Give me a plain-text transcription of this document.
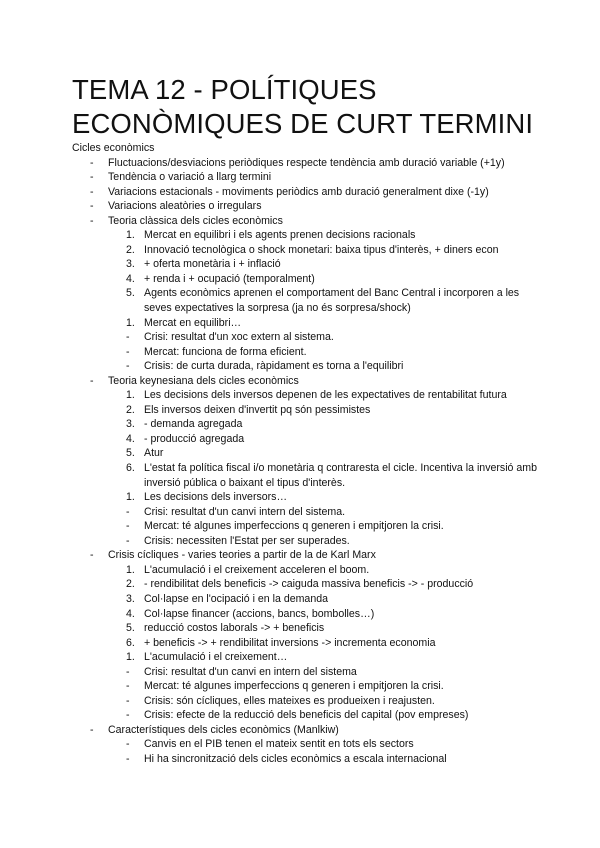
TEMA 12 - POLÍTIQUES ECONÒMIQUES DE CURT TERMINI
Cicles econòmics
- Fluctuacions/desviacions periòdiques respecte tendència amb duració variable (+1y)
- Tendència o variació a llarg termini
- Variacions estacionals - moviments periòdics amb duració generalment dixe (-1y)
- Variacions aleatòries o irregulars
- Teoria clàssica dels cicles econòmics
1. Mercat en equilibri i els agents prenen decisions racionals
2. Innovació tecnològica o shock monetari: baixa tipus d'interès, + diners econ
3. + oferta monetària i + inflació
4. + renda i + ocupació (temporalment)
5. Agents econòmics aprenen el comportament del Banc Central i incorporen a les seves expectatives la sorpresa (ja no és sorpresa/shock)
1. Mercat en equilibri…
- Crisi: resultat d'un xoc extern al sistema.
- Mercat: funciona de forma eficient.
- Crisis: de curta durada, ràpidament es torna a l'equilibri
- Teoria keynesiana dels cicles econòmics
1. Les decisions dels inversos depenen de les expectatives de rentabilitat futura
2. Els inversos deixen d'invertit pq són pessimistes
3. - demanda agregada
4. - producció agregada
5. Atur
6. L'estat fa política fiscal i/o monetària q contraresta el cicle. Incentiva la inversió amb inversió pública o baixant el tipus d'interès.
1. Les decisions dels inversors…
- Crisi: resultat d'un canvi intern del sistema.
- Mercat: té algunes imperfeccions q generen i empitjoren la crisi.
- Crisis: necessiten l'Estat per ser superades.
- Crisis cícliques - varies teories a partir de la de Karl Marx
1. L'acumulació i el creixement acceleren el boom.
2. - rendibilitat dels beneficis -> caiguda massiva beneficis -> - producció
3. Col·lapse en l'ocipació i en la demanda
4. Col·lapse financer (accions, bancs, bombolles…)
5. reducció costos laborals -> + beneficis
6. + beneficis -> + rendibilitat inversions -> incrementa economia
1. L'acumulació i el creixement…
- Crisi: resultat d'un canvi en intern del sistema
- Mercat: té algunes imperfeccions q generen i empitjoren la crisi.
- Crisis: són cícliques, elles mateixes es produeixen i reajusten.
- Crisis: efecte de la reducció dels beneficis del capital (pov empreses)
- Característiques dels cicles econòmics (Manlkiw)
- Canvis en el PIB tenen el mateix sentit en tots els sectors
- Hi ha sincronització dels cicles econòmics a escala internacional
